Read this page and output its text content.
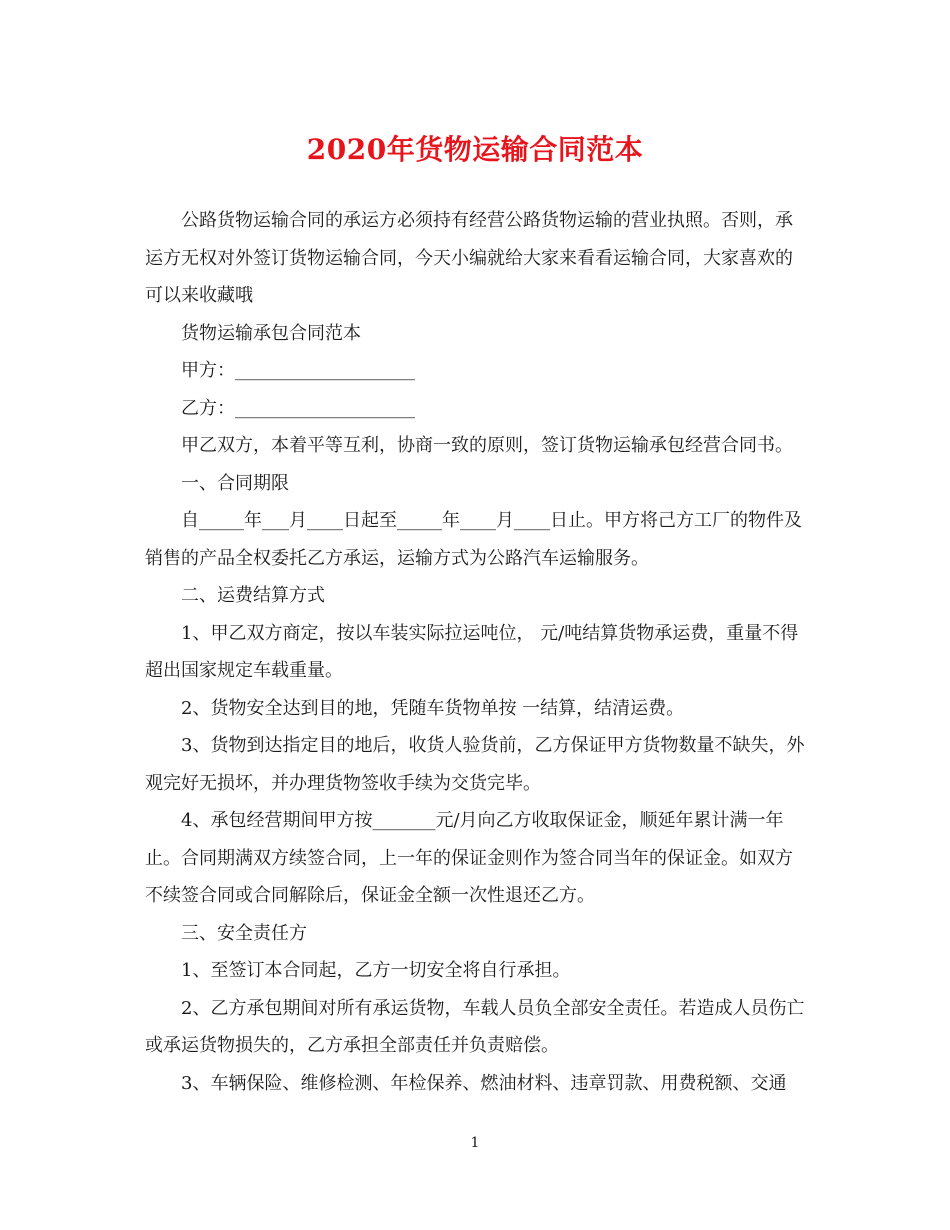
2020年货物运输合同范本

公路货物运输合同的承运方必须持有经营公路货物运输的营业执照。否则，承运方无权对外签订货物运输合同，今天小编就给大家来看看运输合同，大家喜欢的可以来收藏哦

货物运输承包合同范本

甲方：____________________

乙方：____________________

甲乙双方，本着平等互利，协商一致的原则，签订货物运输承包经营合同书。

一、合同期限

自_____年___月____日起至_____年____月____日止。甲方将己方工厂的物件及销售的产品全权委托乙方承运，运输方式为公路汽车运输服务。

二、运费结算方式

1、甲乙双方商定，按以车装实际拉运吨位， 元/吨结算货物承运费，重量不得超出国家规定车载重量。

2、货物安全达到目的地，凭随车货物单按 一结算，结清运费。

3、货物到达指定目的地后，收货人验货前，乙方保证甲方货物数量不缺失，外观完好无损坏，并办理货物签收手续为交货完毕。

4、承包经营期间甲方按_______元/月向乙方收取保证金，顺延年累计满一年止。合同期满双方续签合同，上一年的保证金则作为签合同当年的保证金。如双方不续签合同或合同解除后，保证金全额一次性退还乙方。

三、安全责任方

1、至签订本合同起，乙方一切安全将自行承担。

2、乙方承包期间对所有承运货物，车载人员负全部安全责任。若造成人员伤亡或承运货物损失的，乙方承担全部责任并负责赔偿。

3、车辆保险、维修检测、年检保养、燃油材料、违章罚款、用费税额、交通

1
